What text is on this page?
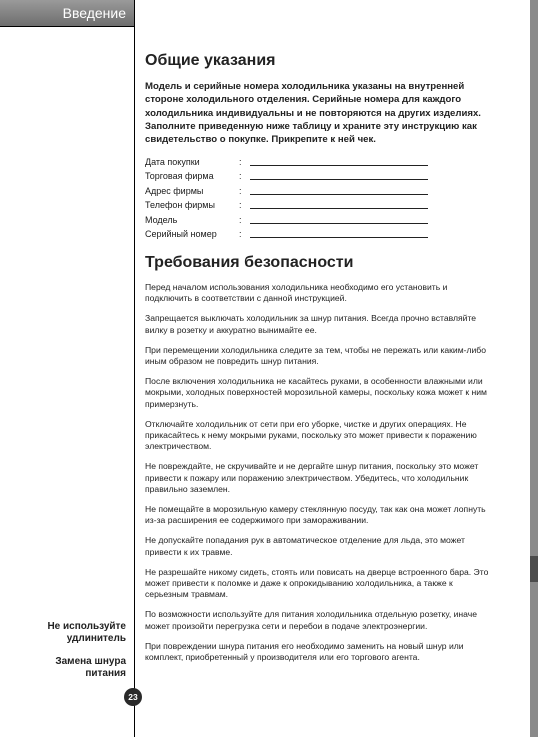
Введение
Общие указания

Модель и серийные номера холодильника указаны на внутренней стороне холодильного отделения. Серийные номера для каждого холодильника индивидуальны и не повторяются на других изделиях. Заполните приведенную ниже таблицу и храните эту инструкцию как свидетельство о покупке. Прикрепите к ней чек.

Дата покупки	:
Торговая фирма	:
Адрес фирмы	:
Телефон фирмы	:
Модель	:
Серийный номер :
Требования безопасности

Перед началом использования холодильника необходимо его установить и подключить в соответствии с данной инструкцией.

Запрещается выключать холодильник за шнур питания. Всегда прочно вставляйте вилку в розетку и аккуратно вынимайте ее.

При перемещении холодильника следите за тем, чтобы не пережать или каким-либо иным образом не повредить шнур питания.

После включения холодильника не касайтесь руками, в особенности влажными или мокрыми, холодных поверхностей морозильной камеры, поскольку кожа может к ним примерзнуть.

Отключайте холодильник от сети при его уборке, чистке и других операциях. Не прикасайтесь к нему мокрыми руками, поскольку это может привести к поражению электричеством.

Не повреждайте, не скручивайте и не дергайте шнур питания, поскольку это может привести к пожару или поражению электричеством. Убедитесь, что холодильник правильно заземлен.

Не помещайте в морозильную камеру стеклянную посуду, так как она может лопнуть из-за расширения ее содержимого при замораживании.

Не допускайте попадания рук в автоматическое отделение для льда, это может привести к их травме.

Не разрешайте никому сидеть, стоять или повисать на дверце встроенного бара. Это может привести к поломке и даже к опрокидыванию холодильника, а также к серьезным травмам.

По возможности используйте для питания холодильника отдельную розетку, иначе может произойти перегрузка сети и перебои в подаче электроэнергии.

При повреждении шнура питания его необходимо заменить на новый шнур или комплект, приобретенный у производителя или его торгового агента.

Не используйте удлинитель
Замена шнура питания
23
